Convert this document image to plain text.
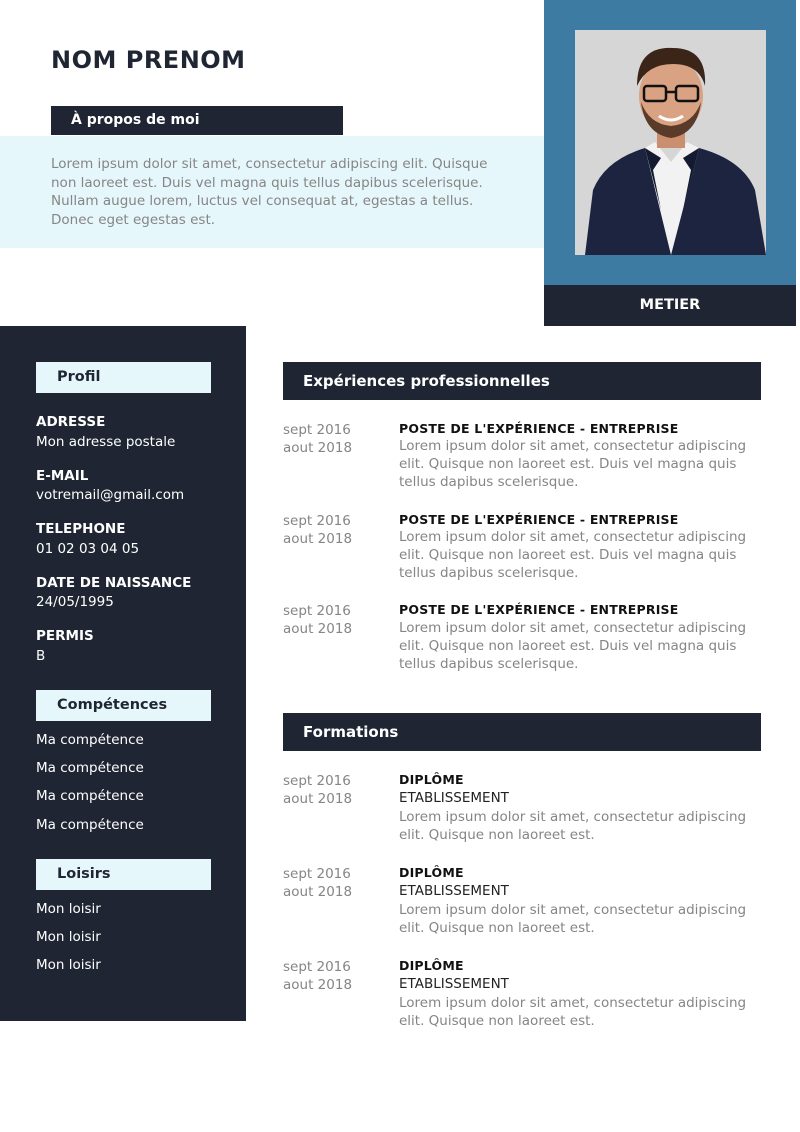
NOM PRENOM
À propos de moi
Lorem ipsum dolor sit amet, consectetur adipiscing elit. Quisque non laoreet est. Duis vel magna quis tellus dapibus scelerisque. Nullam augue lorem, luctus vel consequat at, egestas a tellus. Donec eget egestas est.
METIER
Profil
ADRESSE
Mon adresse postale
E-MAIL
votremail@gmail.com
TELEPHONE
01 02 03 04 05
DATE DE NAISSANCE
24/05/1995
PERMIS
B
Compétences
Ma compétence
Ma compétence
Ma compétence
Ma compétence
Loisirs
Mon loisir
Mon loisir
Mon loisir
Expériences professionnelles
sept 2016
aout 2018
POSTE DE L'EXPÉRIENCE - ENTREPRISE
Lorem ipsum dolor sit amet, consectetur adipiscing elit. Quisque non laoreet est. Duis vel magna quis tellus dapibus scelerisque.
sept 2016
aout 2018
POSTE DE L'EXPÉRIENCE - ENTREPRISE
Lorem ipsum dolor sit amet, consectetur adipiscing elit. Quisque non laoreet est. Duis vel magna quis tellus dapibus scelerisque.
sept 2016
aout 2018
POSTE DE L'EXPÉRIENCE - ENTREPRISE
Lorem ipsum dolor sit amet, consectetur adipiscing elit. Quisque non laoreet est. Duis vel magna quis tellus dapibus scelerisque.
Formations
sept 2016
aout 2018
DIPLÔME
ETABLISSEMENT
Lorem ipsum dolor sit amet, consectetur adipiscing elit. Quisque non laoreet est.
sept 2016
aout 2018
DIPLÔME
ETABLISSEMENT
Lorem ipsum dolor sit amet, consectetur adipiscing elit. Quisque non laoreet est.
sept 2016
aout 2018
DIPLÔME
ETABLISSEMENT
Lorem ipsum dolor sit amet, consectetur adipiscing elit. Quisque non laoreet est.
